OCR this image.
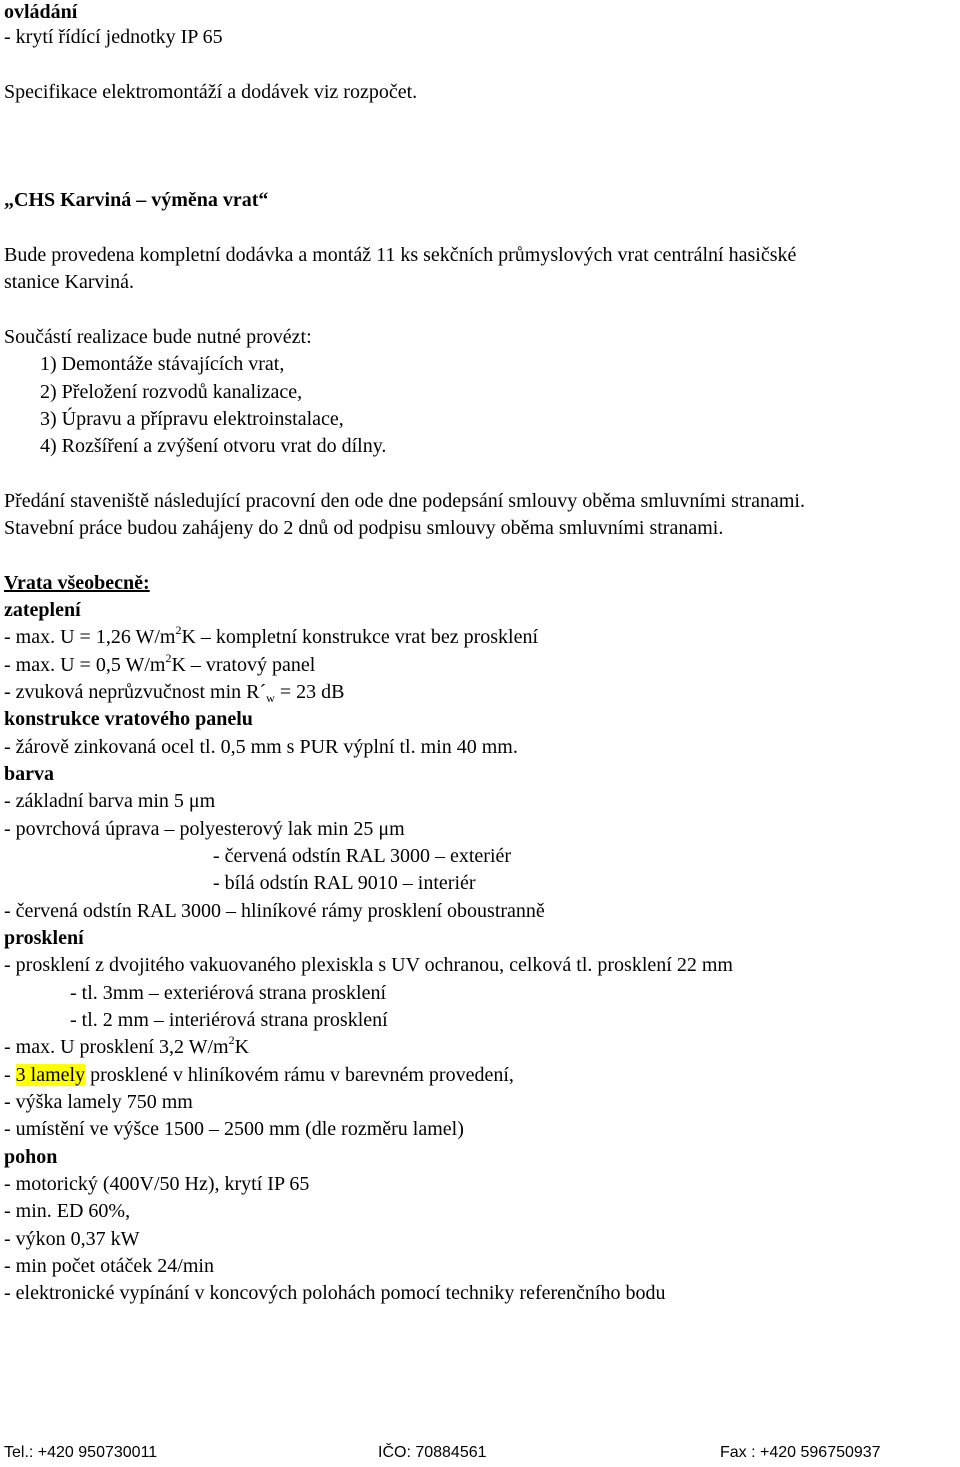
ovládání
- krytí řídící jednotky IP 65
Specifikace elektromontáží a dodávek viz rozpočet.
„CHS Karviná – výměna vrat“
Bude provedena kompletní dodávka a montáž 11 ks sekčních průmyslových vrat centrální hasičské
stanice Karviná.
Součástí realizace bude nutné provézt:
1) Demontáže stávajících vrat,
2) Přeložení rozvodů kanalizace,
3) Úpravu a přípravu elektroinstalace,
4) Rozšíření a zvýšení otvoru vrat do dílny.
Předání staveniště následující pracovní den ode dne podepsání smlouvy oběma smluvními stranami.
Stavební práce budou zahájeny do 2 dnů od podpisu smlouvy oběma smluvními stranami.
Vrata všeobecně:
zateplení
- max. U = 1,26 $W/m^2K$ – kompletní konstrukce vrat bez prosklení
- max. U = 0,5 $W/m^2K$ – vratový panel
- zvuková neprůzvučnost $\min R´_w = 23$ dB
konstrukce vratového panelu
- žárově zinkovaná ocel tl. 0,5 mm s PUR výplní tl. min 40 mm.
barva
- základní barva min 5 μm
- povrchová úprava – polyesterový lak min 25 μm
- červená odstín RAL 3000 – exteriér
- bílá odstín RAL 9010 – interiér
- červená odstín RAL 3000 – hliníkové rámy prosklení oboustranně
prosklení
- prosklení z dvojitého vakuovaného plexiskla s UV ochranou, celková tl. prosklení 22 mm
- tl. 3mm – exteriérová strana prosklení
- tl. 2 mm – interiérová strana prosklení
- max. U prosklení 3,2 $W/m^2K$
- 3 lamely prosklené v hliníkovém rámu v barevném provedení,
- výška lamely 750 mm
- umístění ve výšce 1500 – 2500 mm (dle rozměru lamel)
pohon
- motorický (400V/50 Hz), krytí IP 65
- min. ED 60%,
- výkon 0,37 kW
- min počet otáček 24/min
- elektronické vypínání v koncových polohách pomocí techniky referenčního bodu
Tel.: +420 950730011	IČO: 70884561	Fax : +420 596750937
